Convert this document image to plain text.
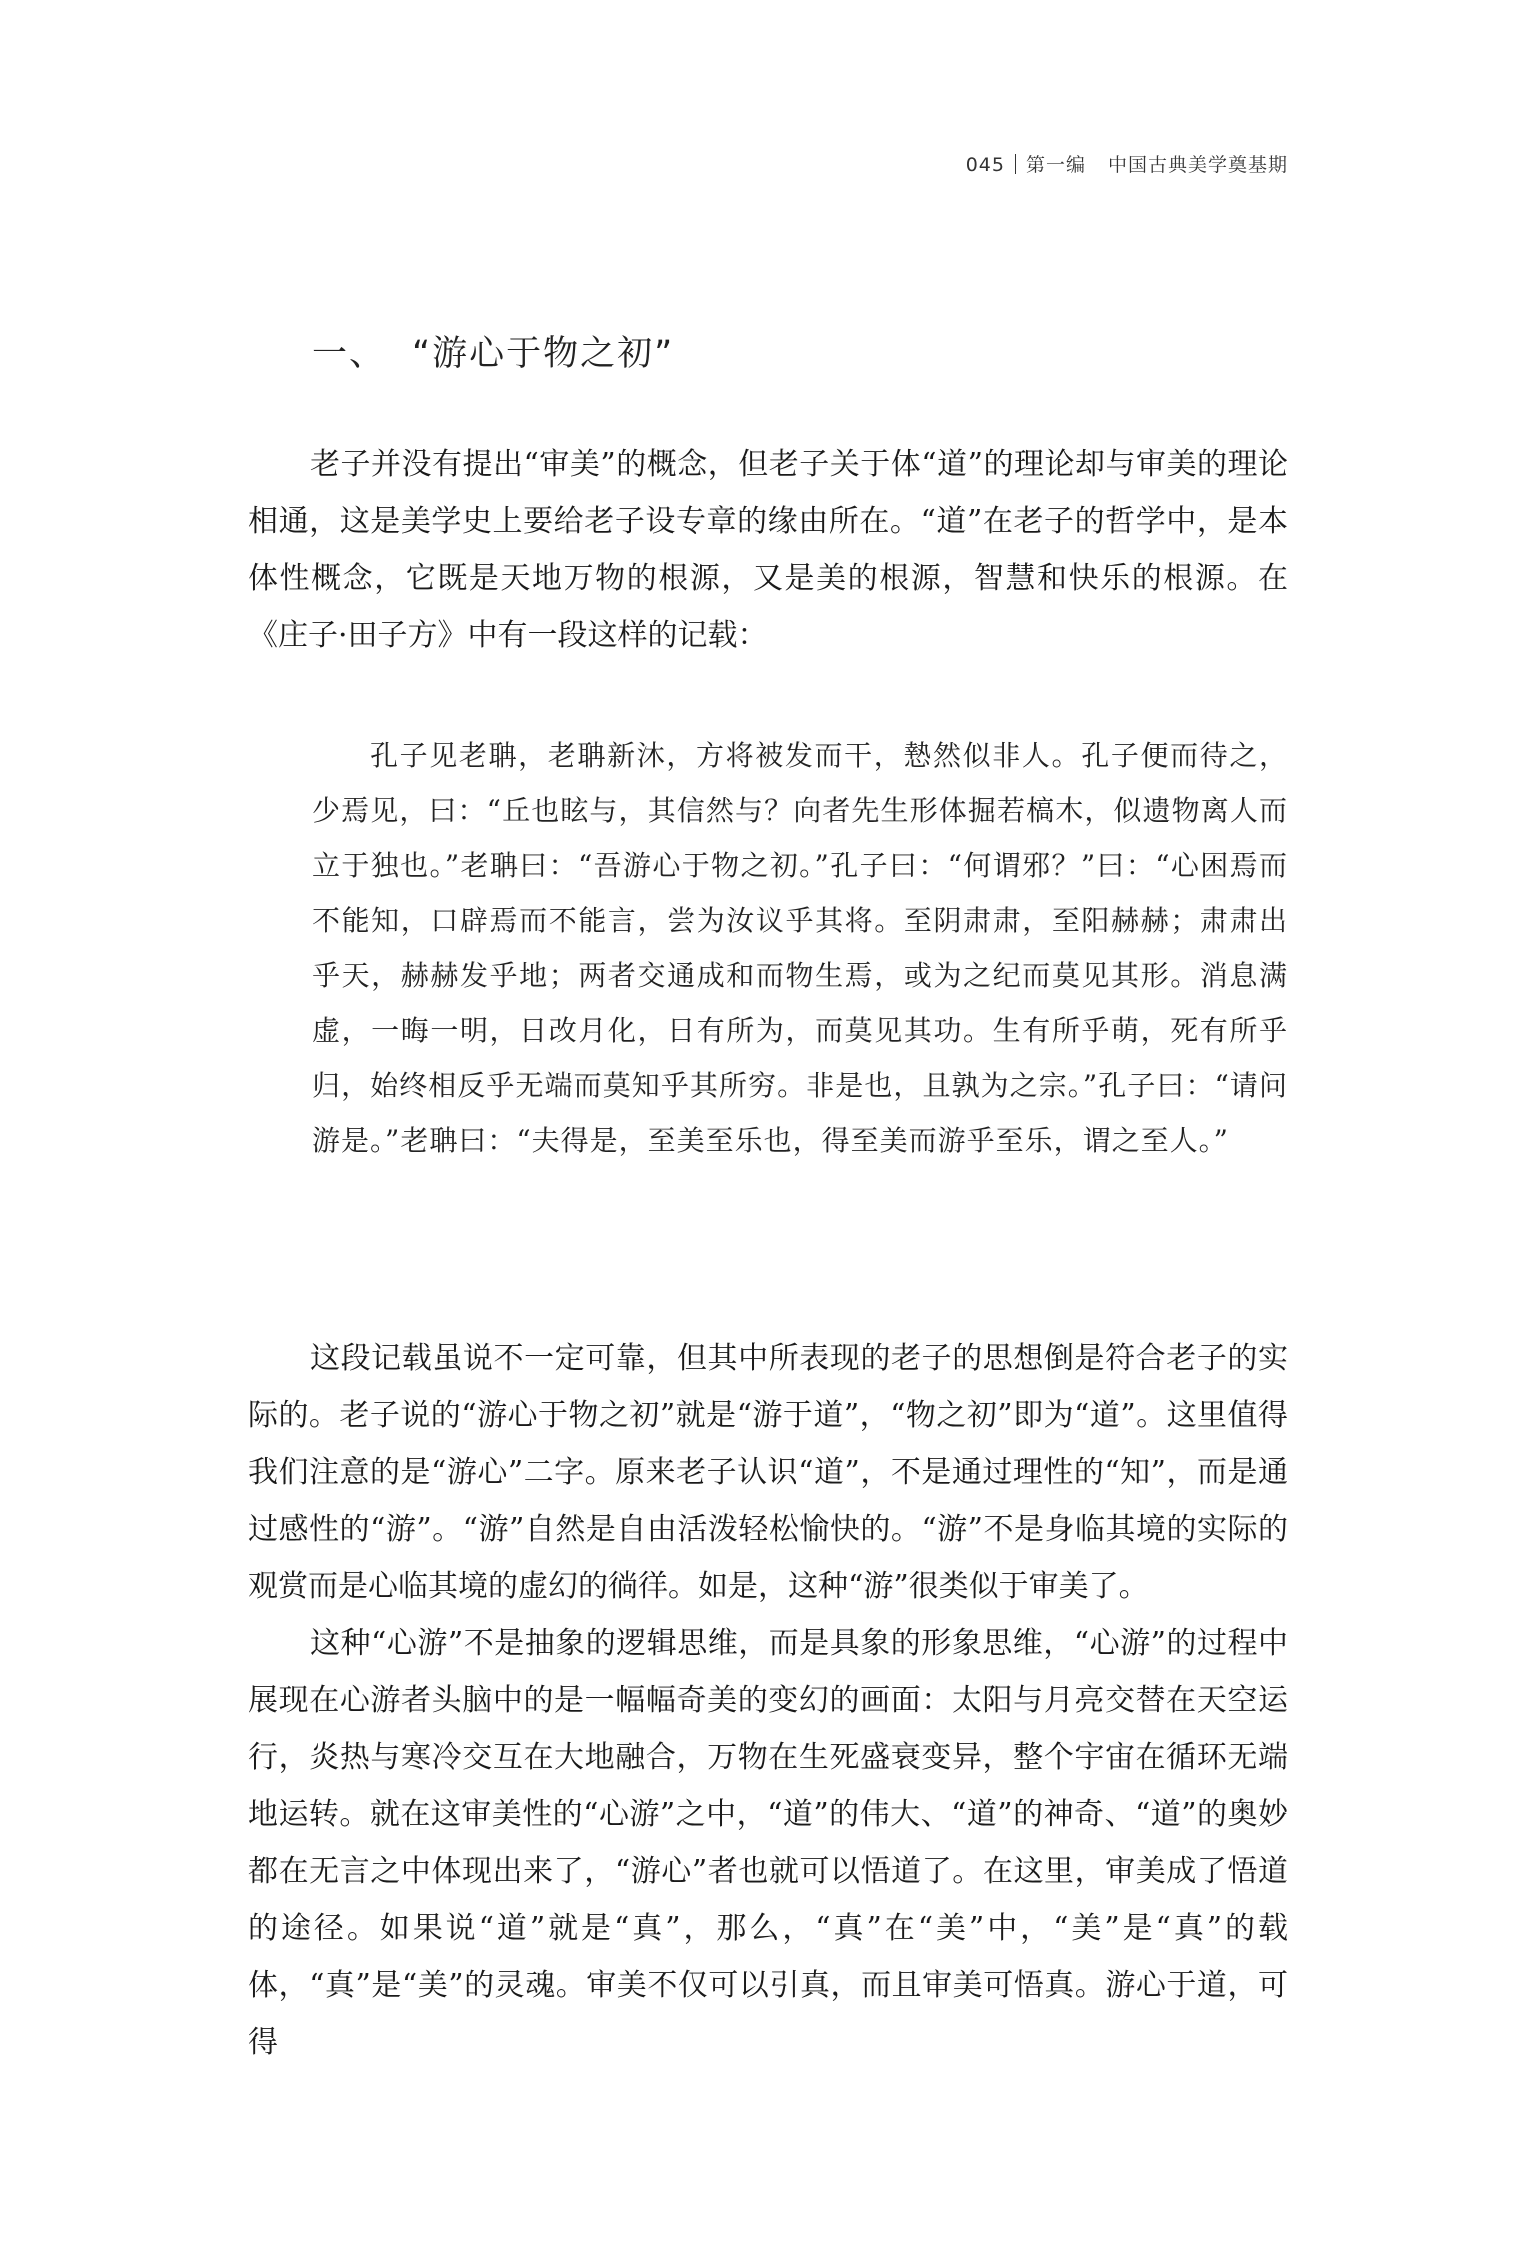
045 第一编 中国古典美学奠基期
一、 “游心于物之初”

老子并没有提出“审美”的概念，但老子关于体“道”的理论却与审美的理论相通，这是美学史上要给老子设专章的缘由所在。“道”在老子的哲学中，是本体性概念，它既是天地万物的根源，又是美的根源，智慧和快乐的根源。在《庄子·田子方》中有一段这样的记载：

孔子见老聃，老聃新沐，方将被发而干，慹然似非人。孔子便而待之，少焉见，曰：“丘也眩与，其信然与？向者先生形体掘若槁木，似遗物离人而立于独也。”老聃曰：“吾游心于物之初。”孔子曰：“何谓邪？”曰：“心困焉而不能知，口辟焉而不能言，尝为汝议乎其将。至阴肃肃，至阳赫赫；肃肃出乎天，赫赫发乎地；两者交通成和而物生焉，或为之纪而莫见其形。消息满虚，一晦一明，日改月化，日有所为，而莫见其功。生有所乎萌，死有所乎归，始终相反乎无端而莫知乎其所穷。非是也，且孰为之宗。”孔子曰：“请问游是。”老聃曰：“夫得是，至美至乐也，得至美而游乎至乐，谓之至人。”

这段记载虽说不一定可靠，但其中所表现的老子的思想倒是符合老子的实际的。老子说的“游心于物之初”就是“游于道”，“物之初”即为“道”。这里值得我们注意的是“游心”二字。原来老子认识“道”，不是通过理性的“知”，而是通过感性的“游”。“游”自然是自由活泼轻松愉快的。“游”不是身临其境的实际的观赏而是心临其境的虚幻的徜徉。如是，这种“游”很类似于审美了。

这种“心游”不是抽象的逻辑思维，而是具象的形象思维，“心游”的过程中展现在心游者头脑中的是一幅幅奇美的变幻的画面：太阳与月亮交替在天空运行，炎热与寒冷交互在大地融合，万物在生死盛衰变异，整个宇宙在循环无端地运转。就在这审美性的“心游”之中，“道”的伟大、“道”的神奇、“道”的奥妙都在无言之中体现出来了，“游心”者也就可以悟道了。在这里，审美成了悟道的途径。如果说“道”就是“真”，那么，“真”在“美”中，“美”是“真”的载体，“真”是“美”的灵魂。审美不仅可以引真，而且审美可悟真。游心于道，可得
